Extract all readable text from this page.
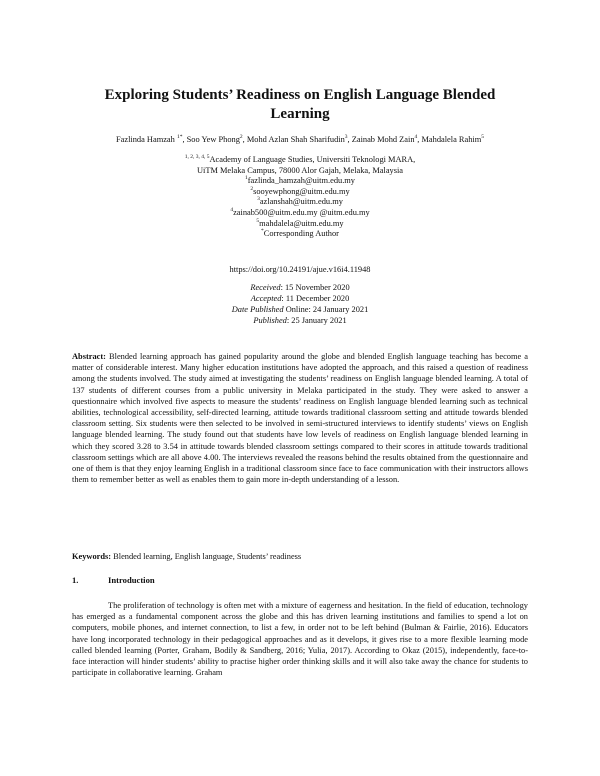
Exploring Students’ Readiness on English Language Blended Learning
Fazlinda Hamzah $^{1*}$, Soo Yew Phong$^2$, Mohd Azlan Shah Sharifudin$^3$, Zainab Mohd Zain$^4$, Mahdalela Rahim$^5$
$^{1, 2, 3, 4, 5}$Academy of Language Studies, Universiti Teknologi MARA,
UiTM Melaka Campus, 78000 Alor Gajah, Melaka, Malaysia
$^1$fazlinda_hamzah@uitm.edu.my
$^2$sooyewphong@uitm.edu.my
$^3$azlanshah@uitm.edu.my
$^4$zainab500@uitm.edu.my @uitm.edu.my
$^5$mahdalela@uitm.edu.my
*Corresponding Author
https://doi.org/10.24191/ajue.v16i4.11948
Received: 15 November 2020
Accepted: 11 December 2020
Date Published Online: 24 January 2021
Published: 25 January 2021
Abstract: Blended learning approach has gained popularity around the globe and blended English language teaching has become a matter of considerable interest. Many higher education institutions have adopted the approach, and this raised a question of readiness among the students involved. The study aimed at investigating the students’ readiness on English language blended learning. A total of 137 students of different courses from a public university in Melaka participated in the study. They were asked to answer a questionnaire which involved five aspects to measure the students’ readiness on English language blended learning such as technical abilities, technological accessibility, self-directed learning, attitude towards traditional classroom setting and attitude towards blended classroom setting. Six students were then selected to be involved in semi-structured interviews to identify students’ views on English language blended learning. The study found out that students have low levels of readiness on English language blended learning in which they scored 3.28 to 3.54 in attitude towards blended classroom settings compared to their scores in attitude towards traditional classroom settings which are all above 4.00. The interviews revealed the reasons behind the results obtained from the questionnaire and one of them is that they enjoy learning English in a traditional classroom since face to face communication with their instructors allows them to remember better as well as enables them to gain more in-depth understanding of a lesson.
Keywords: Blended learning, English language, Students’ readiness
1.	Introduction
The proliferation of technology is often met with a mixture of eagerness and hesitation. In the field of education, technology has emerged as a fundamental component across the globe and this has driven learning institutions and families to spend a lot on computers, mobile phones, and internet connection, to list a few, in order not to be left behind (Bulman & Fairlie, 2016). Educators have long incorporated technology in their pedagogical approaches and as it develops, it gives rise to a more flexible learning mode called blended learning (Porter, Graham, Bodily & Sandberg, 2016; Yulia, 2017). According to Okaz (2015), independently, face-to-face interaction will hinder students’ ability to practise higher order thinking skills and it will also take away the chance for students to participate in collaborative learning. Graham
